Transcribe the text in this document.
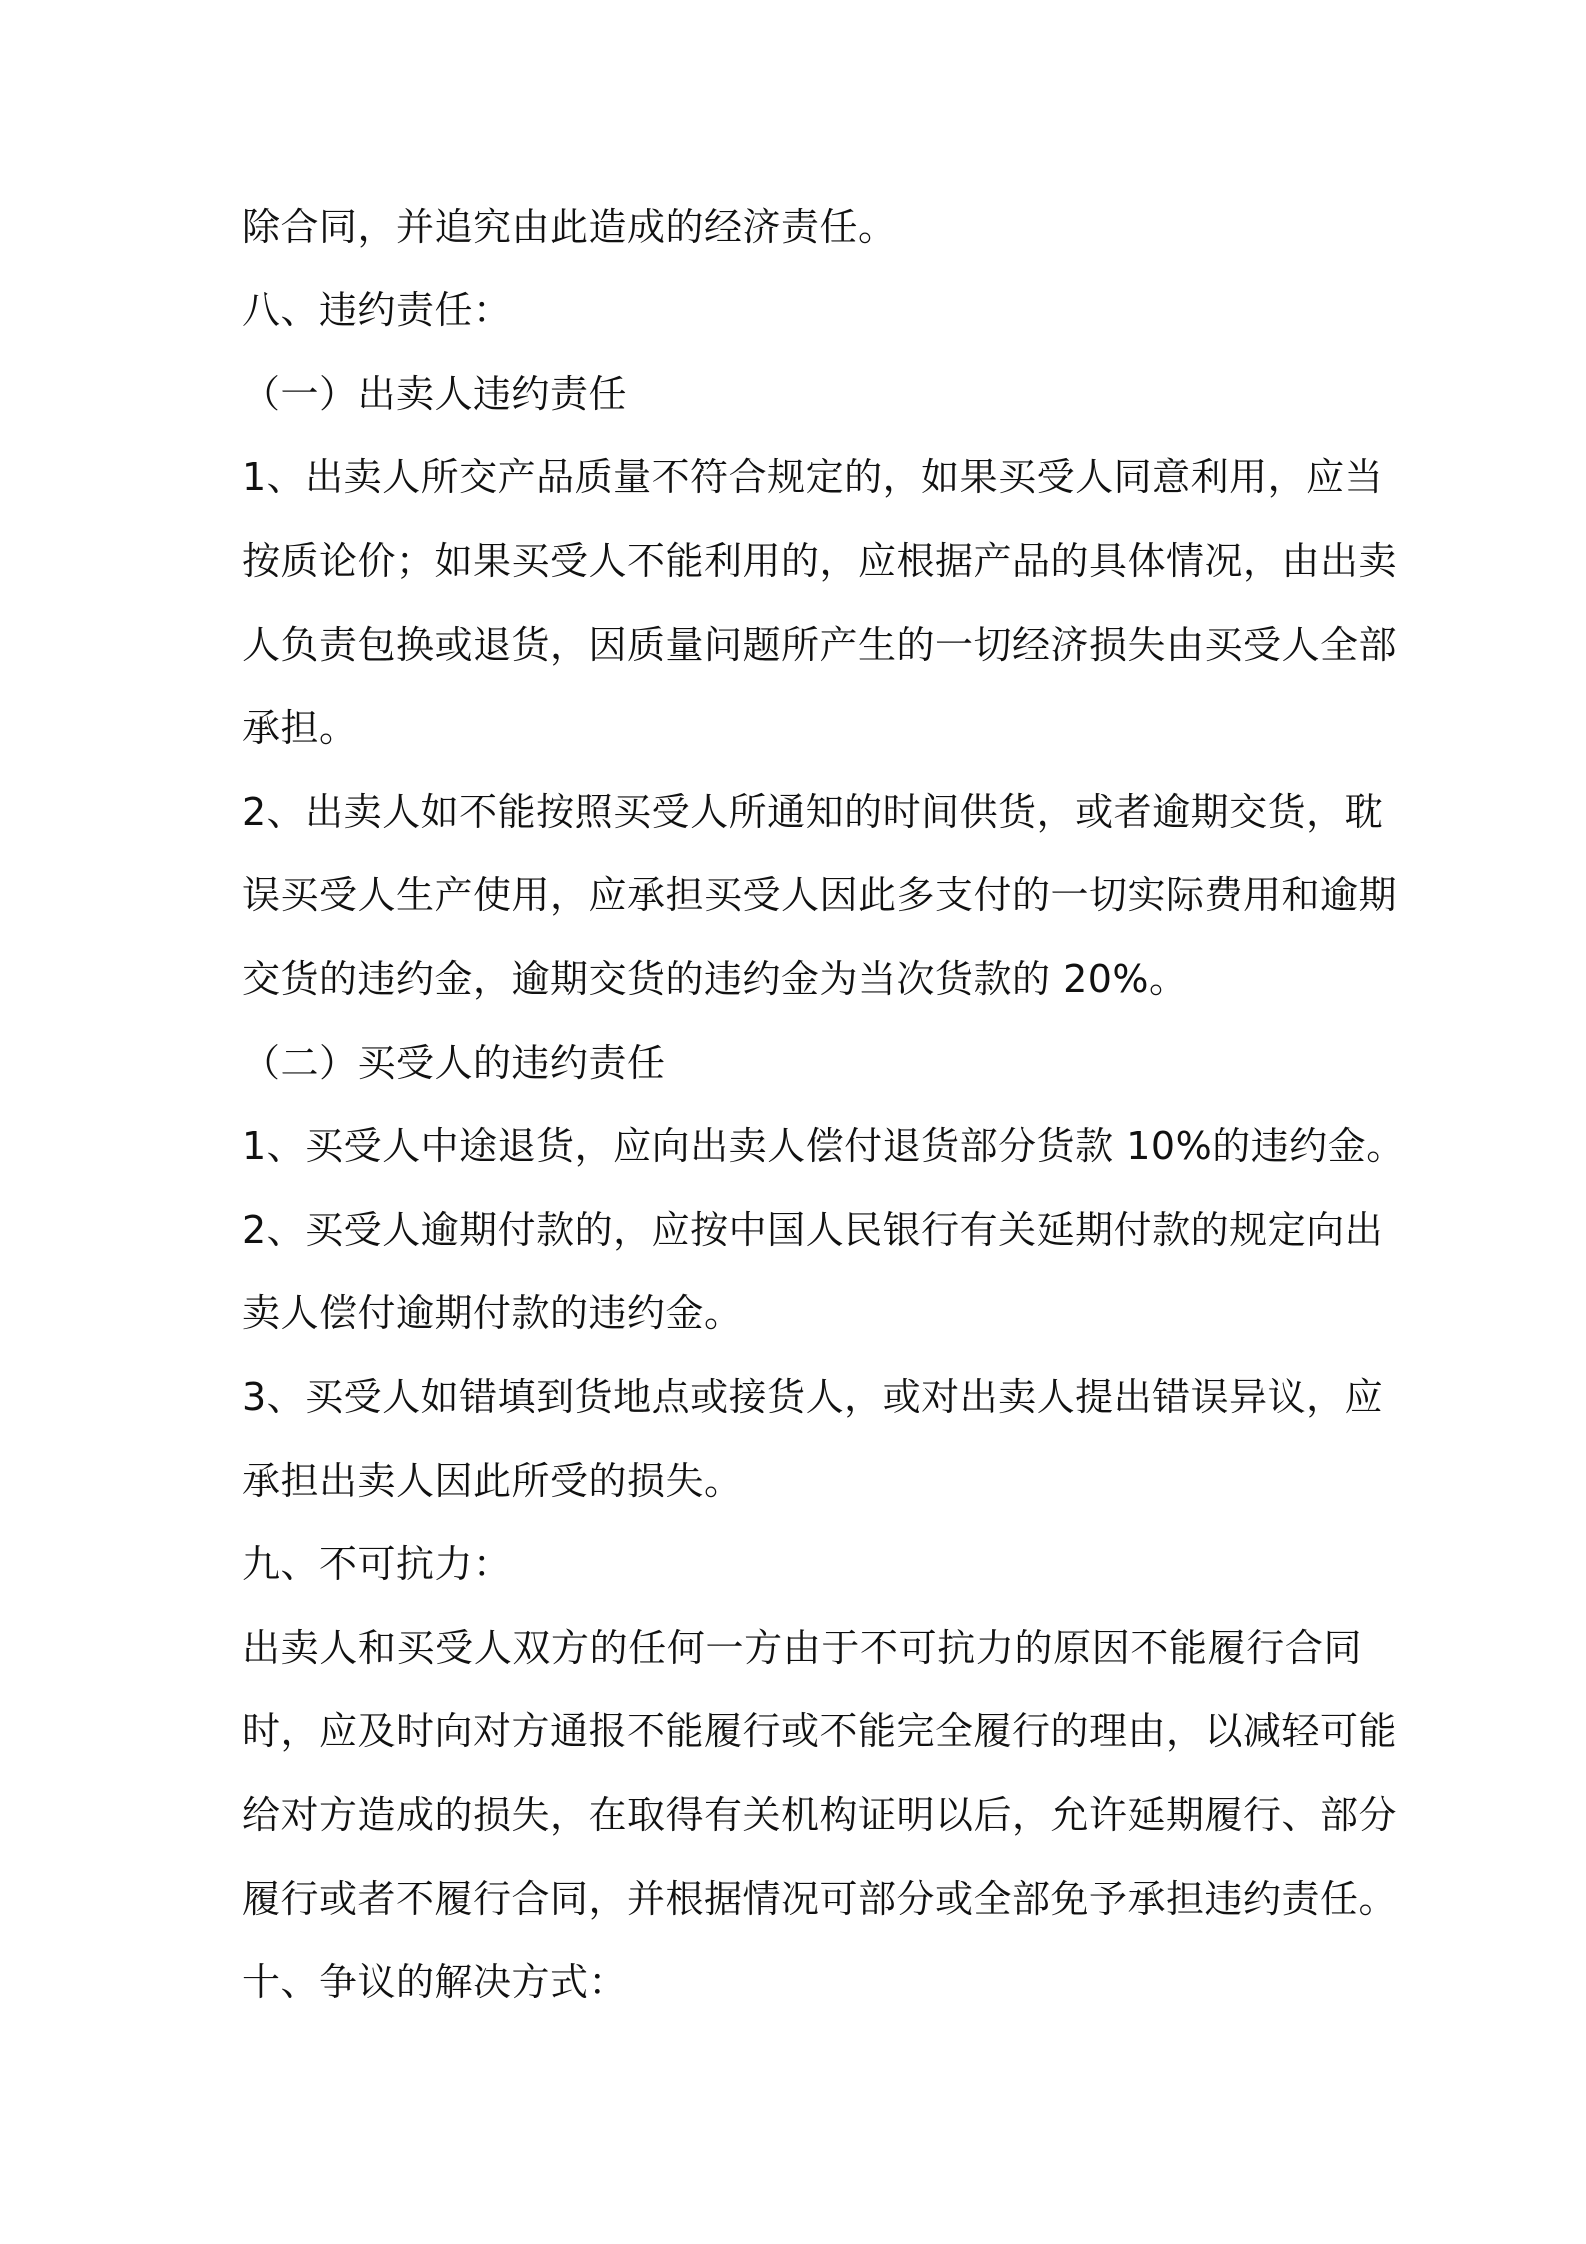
除合同，并追究由此造成的经济责任。
八、违约责任：
（一）出卖人违约责任
1、出卖人所交产品质量不符合规定的，如果买受人同意利用，应当
按质论价；如果买受人不能利用的，应根据产品的具体情况，由出卖
人负责包换或退货，因质量问题所产生的一切经济损失由买受人全部
承担。
2、出卖人如不能按照买受人所通知的时间供货，或者逾期交货，耽
误买受人生产使用，应承担买受人因此多支付的一切实际费用和逾期
交货的违约金，逾期交货的违约金为当次货款的 20%。
（二）买受人的违约责任
1、买受人中途退货，应向出卖人偿付退货部分货款 10%的违约金。
2、买受人逾期付款的，应按中国人民银行有关延期付款的规定向出
卖人偿付逾期付款的违约金。
3、买受人如错填到货地点或接货人，或对出卖人提出错误异议，应
承担出卖人因此所受的损失。
九、不可抗力：
出卖人和买受人双方的任何一方由于不可抗力的原因不能履行合同
时，应及时向对方通报不能履行或不能完全履行的理由，以减轻可能
给对方造成的损失，在取得有关机构证明以后，允许延期履行、部分
履行或者不履行合同，并根据情况可部分或全部免予承担违约责任。
十、争议的解决方式：
